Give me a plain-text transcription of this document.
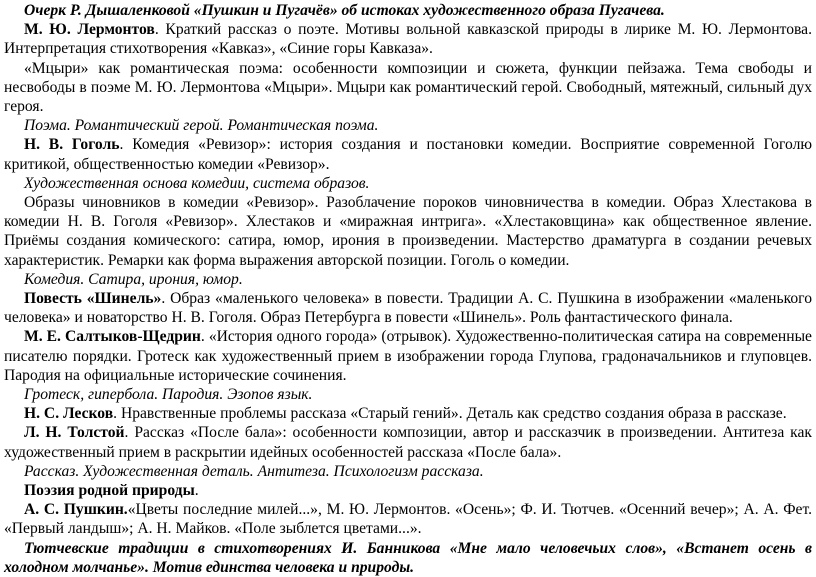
Очерк Р. Дышаленковой «Пушкин и Пугачёв» об истоках художественного образа Пугачева.

М. Ю. Лермонтов. Краткий рассказ о поэте. Мотивы вольной кавказской природы в лирике М. Ю. Лермонтова. Интерпретация стихотворения «Кавказ», «Синие горы Кавказа».

«Мцыри» как романтическая поэма: особенности композиции и сюжета, функции пейзажа. Тема свободы и несвободы в поэме М. Ю. Лермонтова «Мцыри». Мцыри как романтический герой. Свободный, мятежный, сильный дух героя.

Поэма. Романтический герой. Романтическая поэма.

Н. В. Гоголь. Комедия «Ревизор»: история создания и постановки комедии. Восприятие современной Гоголю критикой, общественностью комедии «Ревизор».

Художественная основа комедии, система образов.

Образы чиновников в комедии «Ревизор». Разоблачение пороков чиновничества в комедии. Образ Хлестакова в комедии Н. В. Гоголя «Ревизор». Хлестаков и «миражная интрига». «Хлестаковщина» как общественное явление. Приёмы создания комического: сатира, юмор, ирония в произведении. Мастерство драматурга в создании речевых характеристик. Ремарки как форма выражения авторской позиции. Гоголь о комедии.

Комедия. Сатира, ирония, юмор.

Повесть «Шинель». Образ «маленького человека» в повести. Традиции А. С. Пушкина в изображении «маленького человека» и новаторство Н. В. Гоголя. Образ Петербурга в повести «Шинель». Роль фантастического финала.

М. Е. Салтыков-Щедрин. «История одного города» (отрывок). Художественно-политическая сатира на современные писателю порядки. Гротеск как художественный прием в изображении города Глупова, градоначальников и глуповцев. Пародия на официальные исторические сочинения.

Гротеск, гипербола. Пародия. Эзопов язык.

Н. С. Лесков. Нравственные проблемы рассказа «Старый гений». Деталь как средство создания образа в рассказе.

Л. Н. Толстой. Рассказ «После бала»: особенности композиции, автор и рассказчик в произведении. Антитеза как художественный прием в раскрытии идейных особенностей рассказа «После бала».

Рассказ. Художественная деталь. Антитеза. Психологизм рассказа.

Поэзия родной природы.

А. С. Пушкин.«Цветы последние милей...», М. Ю. Лермонтов. «Осень»; Ф. И. Тютчев. «Осенний вечер»; А. А. Фет. «Первый ландыш»; А. Н. Майков. «Поле зыблется цветами...».

Тютчевские традиции в стихотворениях И. Банникова «Мне мало человечьих слов», «Встанет осень в холодном молчанье». Мотив единства человека и природы.
